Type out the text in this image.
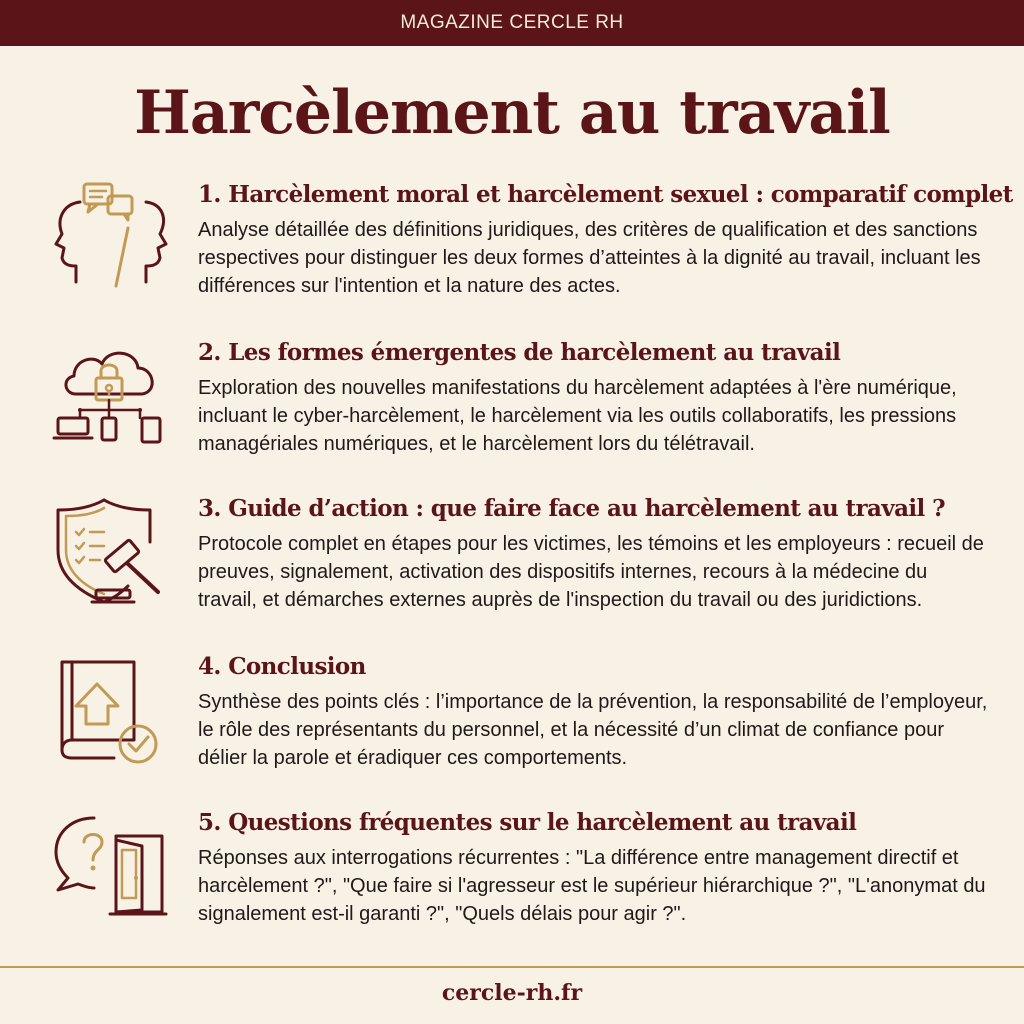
MAGAZINE CERCLE RH
Harcèlement au travail
1. Harcèlement moral et harcèlement sexuel : comparatif complet
Analyse détaillée des définitions juridiques, des critères de qualification et des sanctions respectives pour distinguer les deux formes d’atteintes à la dignité au travail, incluant les différences sur l'intention et la nature des actes.
2. Les formes émergentes de harcèlement au travail
Exploration des nouvelles manifestations du harcèlement adaptées à l'ère numérique, incluant le cyber-harcèlement, le harcèlement via les outils collaboratifs, les pressions managériales numériques, et le harcèlement lors du télétravail.
3. Guide d’action : que faire face au harcèlement au travail ?
Protocole complet en étapes pour les victimes, les témoins et les employeurs : recueil de preuves, signalement, activation des dispositifs internes, recours à la médecine du travail, et démarches externes auprès de l'inspection du travail ou des juridictions.
4. Conclusion
Synthèse des points clés : l’importance de la prévention, la responsabilité de l’employeur, le rôle des représentants du personnel, et la nécessité d’un climat de confiance pour délier la parole et éradiquer ces comportements.
5. Questions fréquentes sur le harcèlement au travail
Réponses aux interrogations récurrentes : "La différence entre management directif et harcèlement ?", "Que faire si l'agresseur est le supérieur hiérarchique ?", "L'anonymat du signalement est-il garanti ?", "Quels délais pour agir ?".
cercle-rh.fr
